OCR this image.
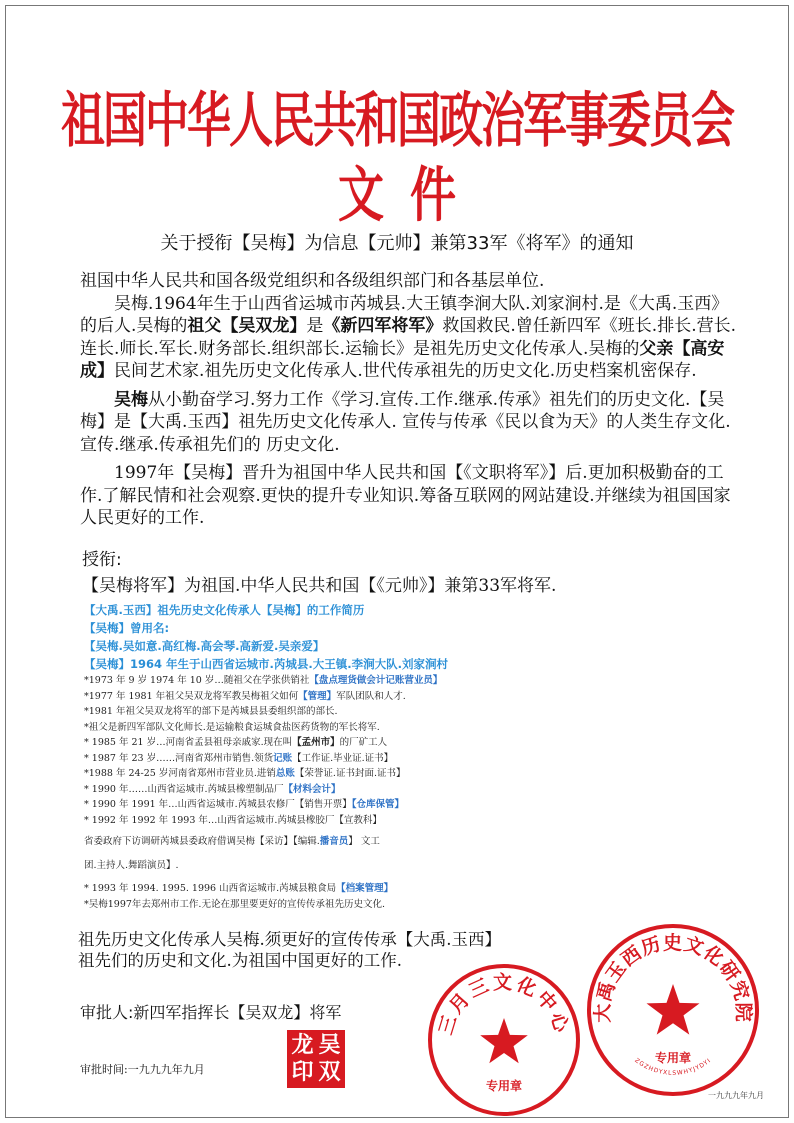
祖国中华人民共和国政治军事委员会
文件
关于授衔【吴梅】为信息【元帅】兼第33军《将军》的通知

祖国中华人民共和国各级党组织和各级组织部门和各基层单位.

吴梅.1964年生于山西省运城市芮城县.大王镇李涧大队.刘家涧村.是《大禹.玉西》的后人.吴梅的祖父【吴双龙】是《新四军将军》救国救民.曾任新四军《班长.排长.营长.连长.师长.军长.财务部长.组织部长.运输长》是祖先历史文化传承人.吴梅的父亲【高安成】民间艺术家.祖先历史文化传承人.世代传承祖先的历史文化.历史档案机密保存.

吴梅从小勤奋学习.努力工作《学习.宣传.工作.继承.传承》祖先们的历史文化.【吴梅】是【大禹.玉西】祖先历史文化传承人. 宣传与传承《民以食为天》的人类生存文化.宣传.继承.传承祖先们的 历史文化.

1997年【吴梅】晋升为祖国中华人民共和国【《文职将军》】后.更加积极勤奋的工作.了解民情和社会观察.更快的提升专业知识.筹备互联网的网站建设.并继续为祖国国家人民更好的工作.

授衔:
【吴梅将军】为祖国.中华人民共和国【《元帅》】兼第33军将军.
【大禹.玉西】祖先历史文化传承人【吴梅】的工作简历
【吴梅】曾用名:
【吴梅.吴如意.高红梅.高会琴.高新爱.吴亲爱】
【吴梅】1964 年生于山西省运城市.芮城县.大王镇.李涧大队.刘家涧村
*1973 年 9 岁 1974 年 10 岁…随祖父在学张供销社【盘点理货做会计记账营业员】
*1977 年 1981 年祖父吴双龙将军教吴梅祖父如何【管理】军队团队和人才.
*1981 年祖父吴双龙将军的部下是芮城县县委组织部的部长.
*祖父是新四军部队文化师长.是运输粮食运城食盐医药货物的军长将军.
* 1985 年 21 岁…河南省孟县祖母亲戚家.现在叫【孟州市】的厂矿工人
* 1987 年 23 岁……河南省郑州市销售.领货记账【工作证.毕业证.证书】
*1988 年 24-25 岁河南省郑州市营业员.进销总账【荣誉证.证书封面.证书】
* 1990 年……山西省运城市.芮城县橡塑制品厂【材料会计】
* 1990 年 1991 年…山西省运城市.芮城县农修厂【销售开票】【仓库保管】
* 1992 年 1992 年 1993 年…山西省运城市.芮城县橡胶厂【宣教科】
省委政府下访调研芮城县委政府借调吴梅【采访】【编辑.播音员】 文工
团.主持人.舞蹈演员】.
* 1993 年 1994. 1995. 1996 山西省运城市.芮城县粮食局【档案管理】
*吴梅1997年去郑州市工作.无论在那里要更好的宣传传承祖先历史文化.
祖先历史文化传承人吴梅.须更好的宣传传承【大禹.玉西】
祖先们的历史和文化.为祖国中国更好的工作.
审批人:新四军指挥长【吴双龙】将军
审批时间:一九九九年九月
一九九九年九月
龙 吴
印 双
三月三文化中心
专用章
大禹玉西历史文化研究院
专用章
ZGZHDYXLSWHYJYDYI
